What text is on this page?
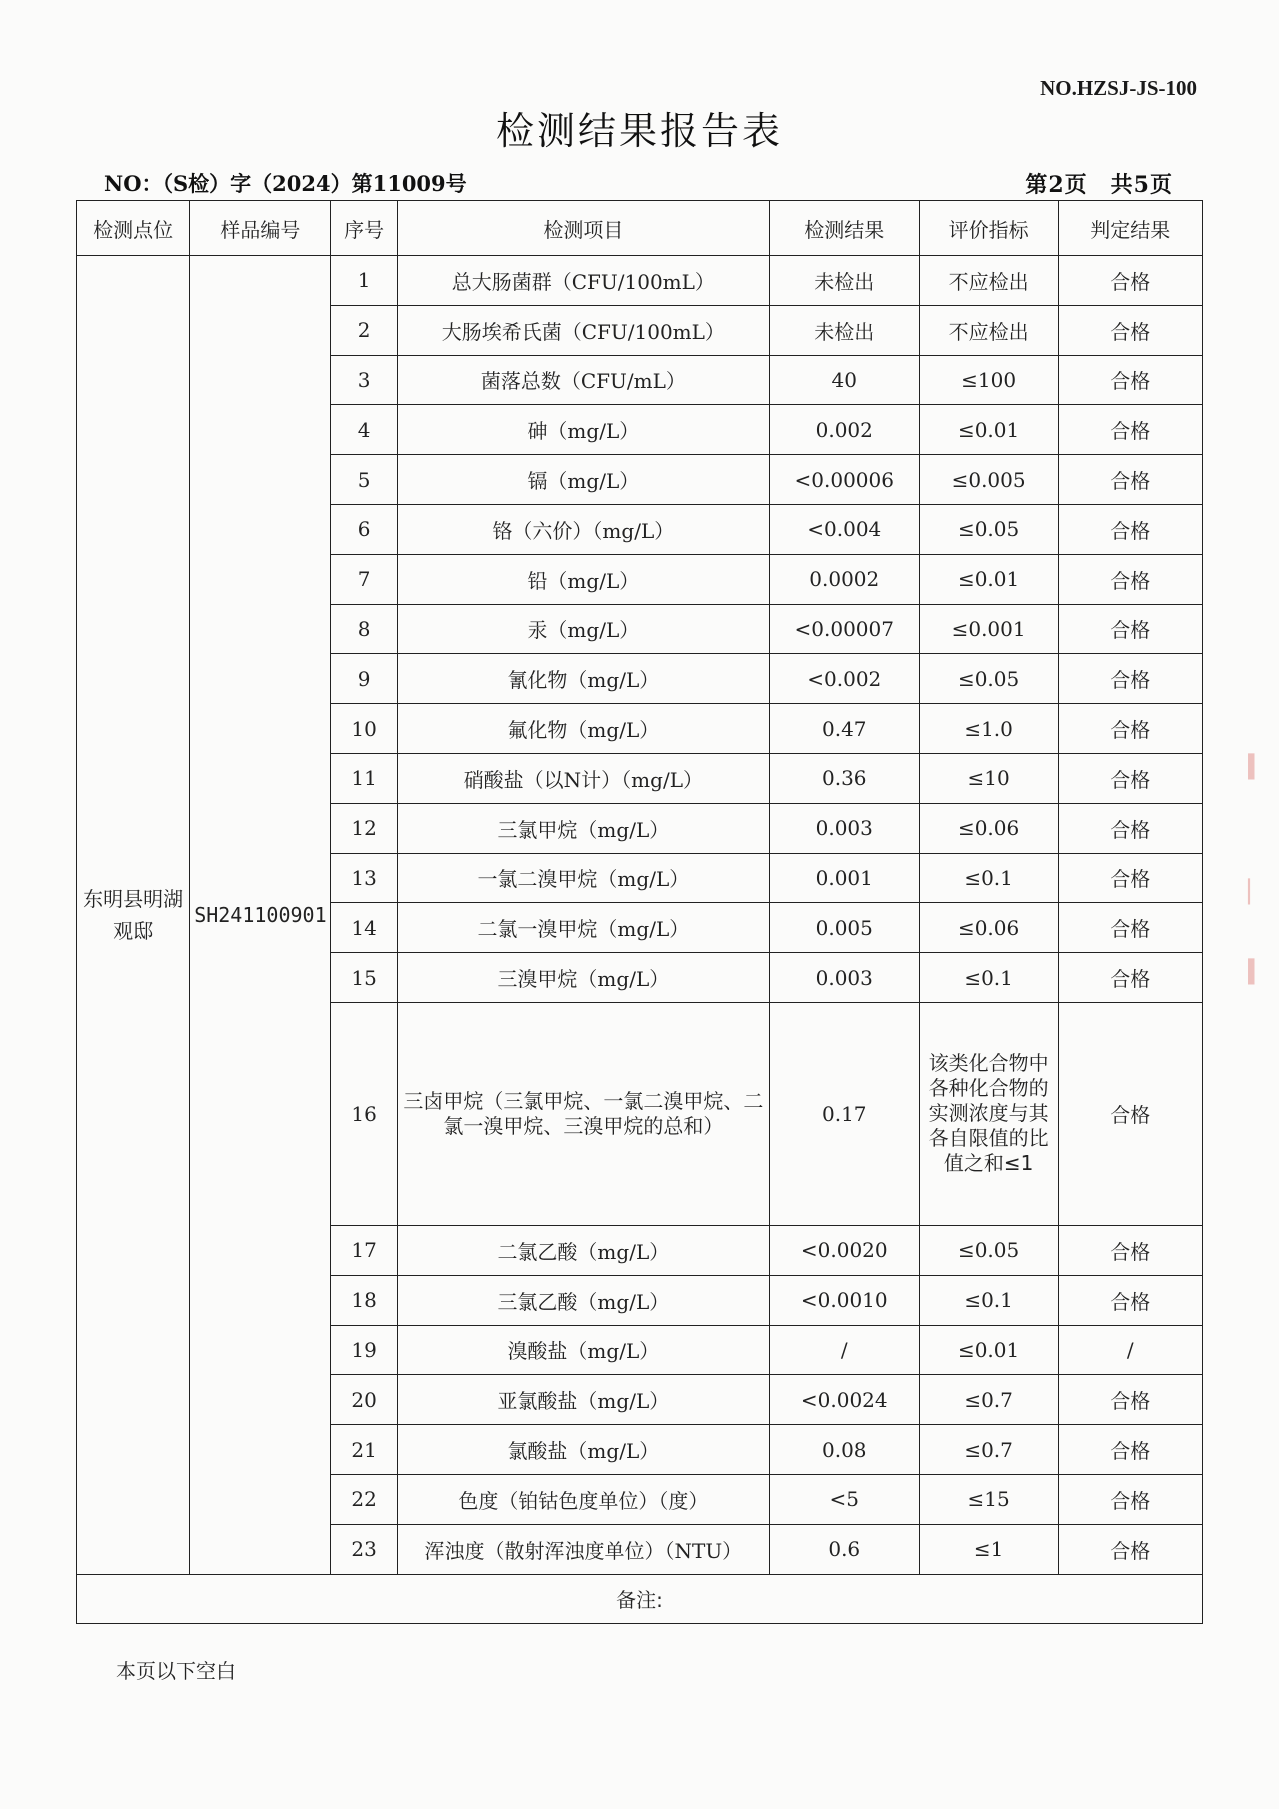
NO.HZSJ-JS-100
检测结果报告表
NO：（S检）字（2024）第11009号	第2页　共5页
检测点位	样品编号	序号	检测项目	检测结果	评价指标	判定结果
东明县明湖观邸	SH241100901	1	总大肠菌群（CFU/100mL）	未检出	不应检出	合格
		2	大肠埃希氏菌（CFU/100mL）	未检出	不应检出	合格
		3	菌落总数（CFU/mL）	40	≤100	合格
		4	砷（mg/L）	0.002	≤0.01	合格
		5	镉（mg/L）	<0.00006	≤0.005	合格
		6	铬（六价）（mg/L）	<0.004	≤0.05	合格
		7	铅（mg/L）	0.0002	≤0.01	合格
		8	汞（mg/L）	<0.00007	≤0.001	合格
		9	氰化物（mg/L）	<0.002	≤0.05	合格
		10	氟化物（mg/L）	0.47	≤1.0	合格
		11	硝酸盐（以N计）（mg/L）	0.36	≤10	合格
		12	三氯甲烷（mg/L）	0.003	≤0.06	合格
		13	一氯二溴甲烷（mg/L）	0.001	≤0.1	合格
		14	二氯一溴甲烷（mg/L）	0.005	≤0.06	合格
		15	三溴甲烷（mg/L）	0.003	≤0.1	合格
		16	三卤甲烷（三氯甲烷、一氯二溴甲烷、二氯一溴甲烷、三溴甲烷的总和）	0.17	该类化合物中各种化合物的实测浓度与其各自限值的比值之和≤1	合格
		17	二氯乙酸（mg/L）	<0.0020	≤0.05	合格
		18	三氯乙酸（mg/L）	<0.0010	≤0.1	合格
		19	溴酸盐（mg/L）	/	≤0.01	/
		20	亚氯酸盐（mg/L）	<0.0024	≤0.7	合格
		21	氯酸盐（mg/L）	0.08	≤0.7	合格
		22	色度（铂钴色度单位）（度）	<5	≤15	合格
		23	浑浊度（散射浑浊度单位）（NTU）	0.6	≤1	合格
备注:						
本页以下空白
▍
▏
▍
